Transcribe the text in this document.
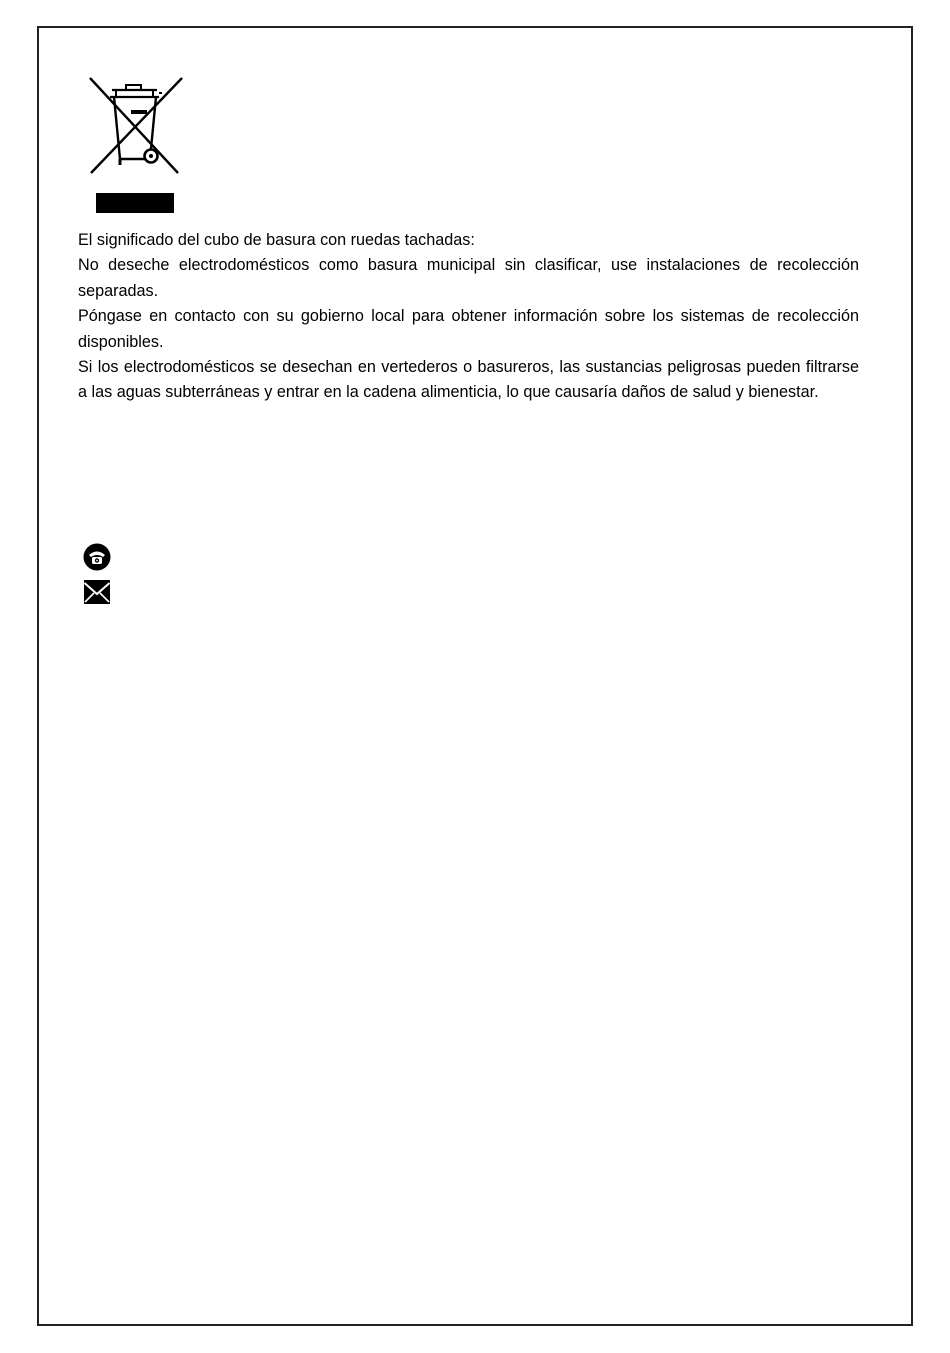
El significado del cubo de basura con ruedas tachadas:

No deseche electrodomésticos como basura municipal sin clasificar, use instalaciones de recolección separadas.

Póngase en contacto con su gobierno local para obtener información sobre los sistemas de recolección disponibles.

Si los electrodomésticos se desechan en vertederos o basureros, las sustancias peligrosas pueden filtrarse a las aguas subterráneas y entrar en la cadena alimenticia, lo que causaría daños de salud y bienestar.
